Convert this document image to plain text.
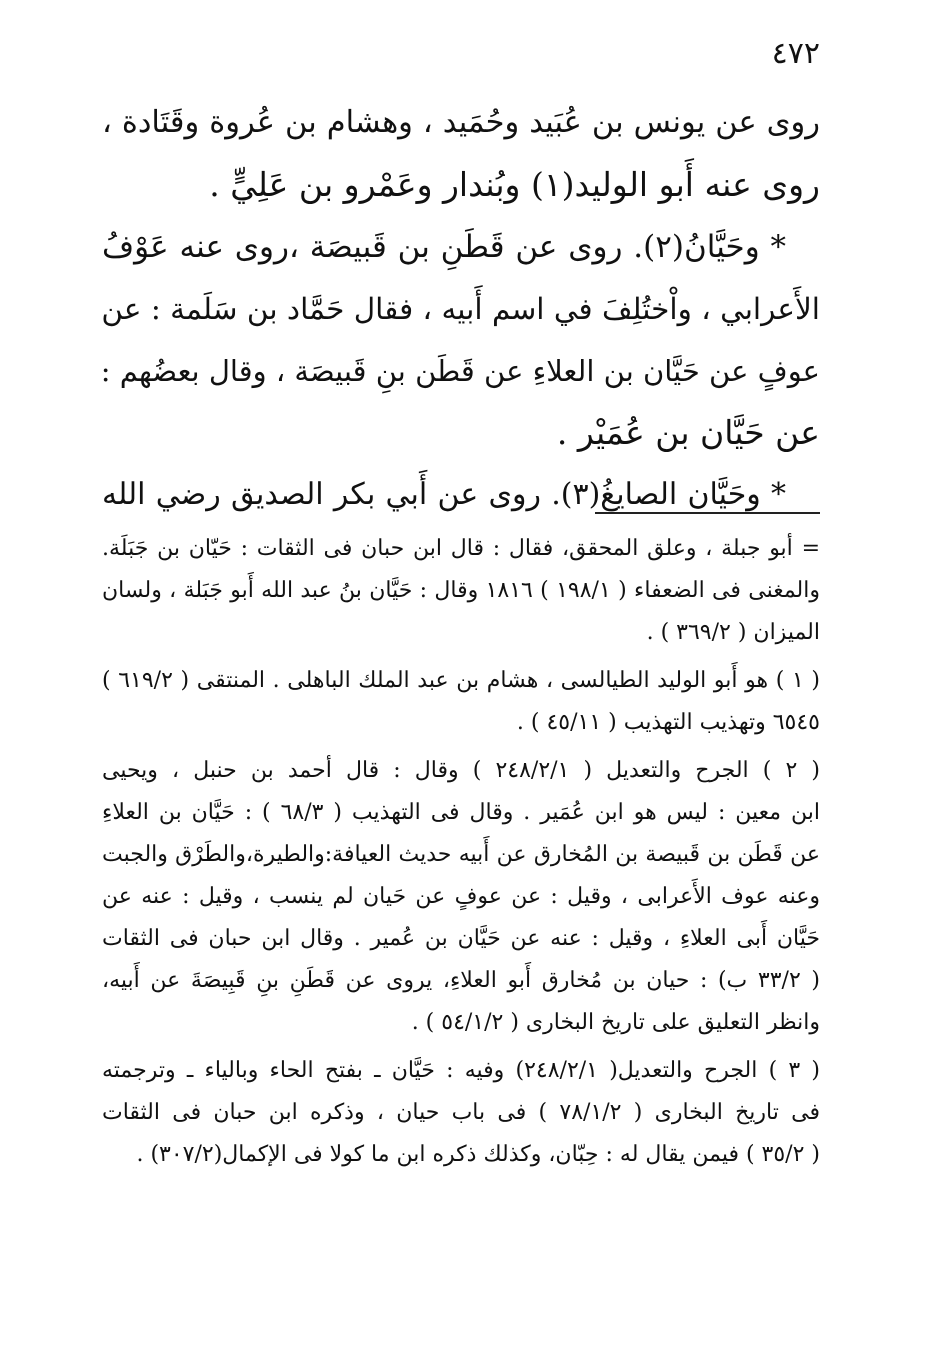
٤٧٢
روى عن يونس بن عُبَيد وحُمَيد ، وهشام بن عُروة وقَتَادة ،
روى عنه أَبو الوليد(١) وبُندار وعَمْرو بن عَلِيٍّ .
* وحَيَّانُ(٢). روى عن قَطَنِ بن قَبيصَة ،روى عنه عَوْفُ
الأَعرابي ، واْختُلِفَ في اسم أَبيه ، فقال حَمَّاد بن سَلَمة : عن
عوفٍ عن حَيَّان بن العلاءِ عن قَطَن بنِ قَبيصَة ، وقال بعضُهم :
عن حَيَّان بن عُمَيْر .
* وحَيَّان الصايغُ(٣). روى عن أَبي بكر الصديق رضي الله
= أبو جبلة ، وعلق المحقق، فقال : قال ابن حبان فى الثقات : حَيّان بن جَبَلَة.
والمغنى فى الضعفاء ( ١٩٨/١ ) ١٨١٦ وقال : حَيَّان بنُ عبد الله أَبو جَبَلة ، ولسان
الميزان ( ٣٦٩/٢ ) .
( ١ ) هو أَبو الوليد الطيالسى ، هشام بن عبد الملك الباهلى . المنتقى ( ٦١٩/٢ )
٦٥٤٥ وتهذيب التهذيب ( ٤٥/١١ ) .
( ٢ ) الجرح والتعديل ( ٢٤٨/٢/١ ) وقال : قال أحمد بن حنبل ، ويحيى
ابن معين : ليس هو ابن عُمَير . وقال فى التهذيب ( ٦٨/٣ ) : حَيَّان بن العلاءِ
عن قَطَن بن قَبيصة بن المُخارق عن أَبيه حديث العيافة:والطيرة،والطَرْق والجبت
وعنه عوف الأَعرابى ، وقيل : عن عوفٍ عن حَيان لم ينسب ، وقيل : عنه عن
حَيَّان أَبى العلاءِ ، وقيل : عنه عن حَيَّان بن عُمير . وقال ابن حبان فى الثقات
( ٣٣/٢ ب) : حيان بن مُخارق أَبو العلاءِ، يروى عن قَطَنِ بنِ قَبِيصَةَ عن أَبيه،
وانظر التعليق على تاريخ البخارى ( ٥٤/١/٢ ) .
( ٣ ) الجرح والتعديل( ٢٤٨/٢/١) وفيه : حَيَّان ـ بفتح الحاء وبالياء ـ وترجمته
فى تاريخ البخارى ( ٧٨/١/٢ ) فى باب حيان ، وذكره ابن حبان فى الثقات
( ٣٥/٢ ) فيمن يقال له : حِبّان، وكذلك ذكره ابن ما كولا فى الإكمال(٣٠٧/٢) .
